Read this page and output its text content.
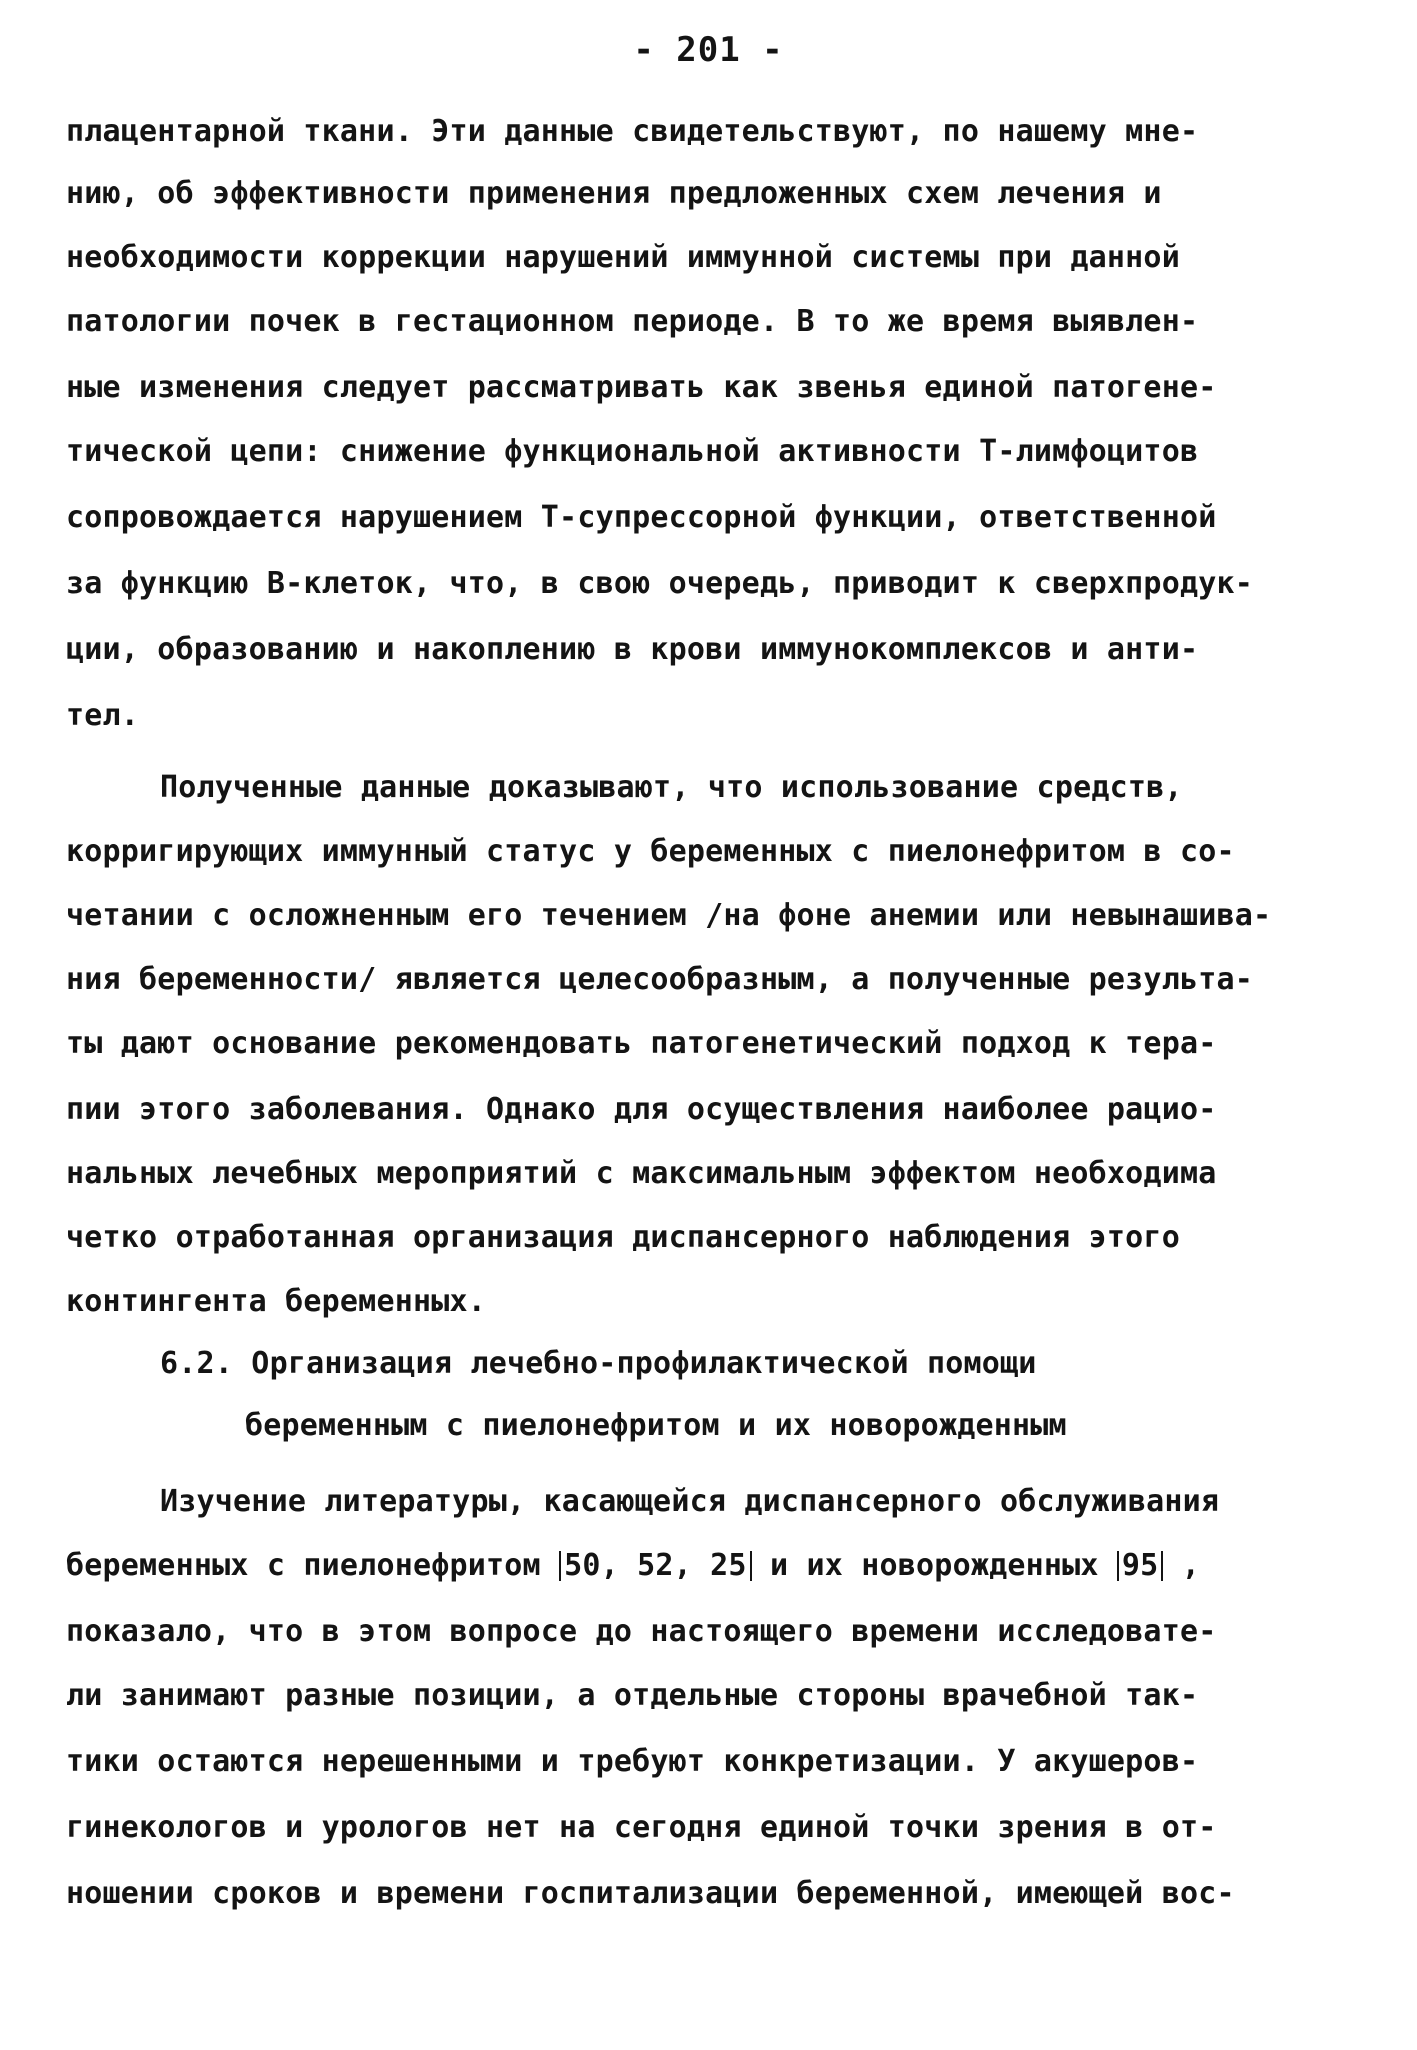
- 201 -
плацентарной ткани. Эти данные свидетельствуют, по нашему мне-
нию, об эффективности применения предложенных схем лечения и
необходимости коррекции нарушений иммунной системы при данной
патологии почек в гестационном периоде. В то же время выявлен-
ные изменения следует рассматривать как звенья единой патогене-
тической цепи: снижение функциональной активности Т-лимфоцитов
сопровождается нарушением Т-супрессорной функции, ответственной
за функцию В-клеток, что, в свою очередь, приводит к сверхпродук-
ции, образованию и накоплению в крови иммунокомплексов и анти-
тел.
Полученные данные доказывают, что использование средств,
корригирующих иммунный статус у беременных с пиелонефритом в со-
четании с осложненным его течением /на фоне анемии или невынашива-
ния беременности/ является целесообразным, а полученные результа-
ты дают основание рекомендовать патогенетический подход к тера-
пии этого заболевания. Однако для осуществления наиболее рацио-
нальных лечебных мероприятий с максимальным эффектом необходима
четко отработанная организация диспансерного наблюдения этого
контингента беременных.
6.2. Организация лечебно-профилактической помощи
беременным с пиелонефритом и их новорожденным
Изучение литературы, касающейся диспансерного обслуживания
беременных с пиелонефритом 50, 52, 25 и их новорожденных 95 ,
показало, что в этом вопросе до настоящего времени исследовате-
ли занимают разные позиции, а отдельные стороны врачебной так-
тики остаются нерешенными и требуют конкретизации. У акушеров-
гинекологов и урологов нет на сегодня единой точки зрения в от-
ношении сроков и времени госпитализации беременной, имеющей вос-
